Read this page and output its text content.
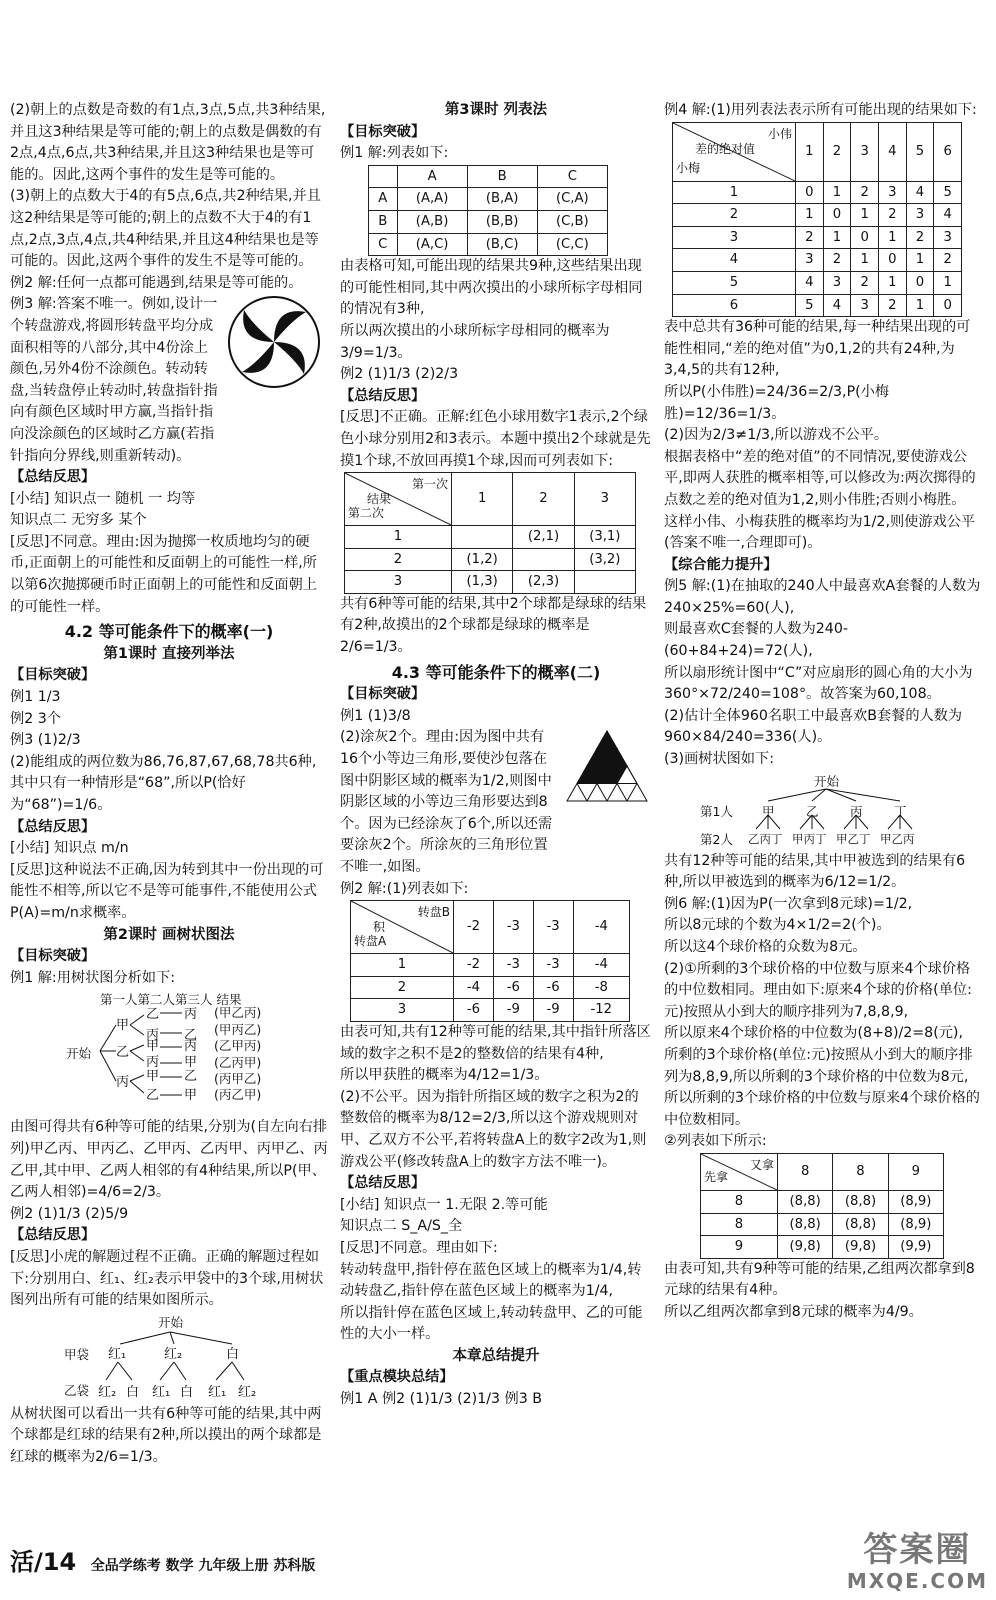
(2)朝上的点数是奇数的有1点,3点,5点,共3种结果,并且这3种结果是等可能的;朝上的点数是偶数的有2点,4点,6点,共3种结果,并且这3种结果也是等可能的。因此,这两个事件的发生是等可能的。

(3)朝上的点数大于4的有5点,6点,共2种结果,并且这2种结果是等可能的;朝上的点数不大于4的有1点,2点,3点,4点,共4种结果,并且这4种结果也是等可能的。因此,这两个事件的发生不是等可能的。

例2 解:任何一点都可能遇到,结果是等可能的。

例3 解:答案不唯一。例如,设计一个转盘游戏,将圆形转盘平均分成面积相等的八部分,其中4份涂上颜色,另外4份不涂颜色。转动转盘,当转盘停止转动时,转盘指针指向有颜色区域时甲方赢,当指针指向没涂颜色的区域时乙方赢(若指针指向分界线,则重新转动)。

【总结反思】

[小结] 知识点一 随机 一 均等

知识点二 无穷多 某个

[反思]不同意。理由:因为抛掷一枚质地均匀的硬币,正面朝上的可能性和反面朝上的可能性一样,所以第6次抛掷硬币时正面朝上的可能性和反面朝上的可能性一样。

4.2 等可能条件下的概率(一)

第1课时 直接列举法

【目标突破】

例1 1/3

例2 3个

例3 (1)2/3

(2)能组成的两位数为86,76,87,67,68,78共6种,其中只有一种情形是“68”,所以P(恰好为“68”)=1/6。

【总结反思】

[小结] 知识点 m/n

[反思]这种说法不正确,因为转到其中一份出现的可能性不相等,所以它不是等可能事件,不能使用公式P(A)=m/n求概率。

第2课时 画树状图法

【目标突破】

例1 解:用树状图分析如下:

第一人第二人第三人 结果
开始
甲
乙
丙
乙
丙
甲
丙
甲
乙
丙
乙
丙
甲
乙
甲
(甲乙丙)
(甲丙乙)
(乙甲丙)
(乙丙甲)
(丙甲乙)
(丙乙甲)

由图可得共有6种等可能的结果,分别为(自左向右排列)甲乙丙、甲丙乙、乙甲丙、乙丙甲、丙甲乙、丙乙甲,其中甲、乙两人相邻的有4种结果,所以P(甲、乙两人相邻)=4/6=2/3。

例2 (1)1/3 (2)5/9

【总结反思】

[反思]小虎的解题过程不正确。正确的解题过程如下:分别用白、红₁、红₂表示甲袋中的3个球,用树状图列出所有可能的结果如图所示。

开始
甲袋
乙袋
红₁	红₂	白
红₂ 白 红₁ 白 红₁ 红₂

从树状图可以看出一共有6种等可能的结果,其中两个球都是红球的结果有2种,所以摸出的两个球都是红球的概率为2/6=1/3。

第3课时 列表法

【目标突破】

例1 解:列表如下:

	A	B	C
A	(A,A)	(B,A)	(C,A)
B	(A,B)	(B,B)	(C,B)
C	(A,C)	(B,C)	(C,C)

由表格可知,可能出现的结果共9种,这些结果出现的可能性相同,其中两次摸出的小球所标字母相同的情况有3种,

所以两次摸出的小球所标字母相同的概率为3/9=1/3。

例2 (1)1/3 (2)2/3

【总结反思】

[反思]不正确。正解:红色小球用数字1表示,2个绿色小球分别用2和3表示。本题中摸出2个球就是先摸1个球,不放回再摸1个球,因而可列表如下:

第一次
结果
第二次	1	2	3
1		(2,1)	(3,1)
2	(1,2)		(3,2)
3	(1,3)	(2,3)	

共有6种等可能的结果,其中2个球都是绿球的结果有2种,故摸出的2个球都是绿球的概率是2/6=1/3。

4.3 等可能条件下的概率(二)

【目标突破】

例1 (1)3/8

(2)涂灰2个。理由:因为图中共有16个小等边三角形,要使沙包落在图中阴影区域的概率为1/2,则图中阴影区域的小等边三角形要达到8个。因为已经涂灰了6个,所以还需要涂灰2个。所涂灰的三角形位置不唯一,如图。

例2 解:(1)列表如下:

转盘B
积
转盘A	-2	-3	-3	-4
1	-2	-3	-3	-4
2	-4	-6	-6	-8
3	-6	-9	-9	-12

由表可知,共有12种等可能的结果,其中指针所落区域的数字之积不是2的整数倍的结果有4种,

所以甲获胜的概率为4/12=1/3。

(2)不公平。因为指针所指区域的数字之积为2的整数倍的概率为8/12=2/3,所以这个游戏规则对甲、乙双方不公平,若将转盘A上的数字2改为1,则游戏公平(修改转盘A上的数字方法不唯一)。

【总结反思】

[小结] 知识点一 1.无限 2.等可能

知识点二 S_A/S_全

[反思]不同意。理由如下:

转动转盘甲,指针停在蓝色区域上的概率为1/4,转动转盘乙,指针停在蓝色区域上的概率为1/4,

所以指针停在蓝色区域上,转动转盘甲、乙的可能性的大小一样。

本章总结提升

【重点模块总结】

例1 A 例2 (1)1/3 (2)1/3 例3 B

例4 解:(1)用列表法表示所有可能出现的结果如下:

小伟
差的绝对值
小梅	1	2	3	4	5	6
1	0	1	2	3	4	5
2	1	0	1	2	3	4
3	2	1	0	1	2	3
4	3	2	1	0	1	2
5	4	3	2	1	0	1
6	5	4	3	2	1	0

表中总共有36种可能的结果,每一种结果出现的可能性相同,“差的绝对值”为0,1,2的共有24种,为3,4,5的共有12种,

所以P(小伟胜)=24/36=2/3,P(小梅胜)=12/36=1/3。

(2)因为2/3≠1/3,所以游戏不公平。

根据表格中“差的绝对值”的不同情况,要使游戏公平,即两人获胜的概率相等,可以修改为:两次掷得的点数之差的绝对值为1,2,则小伟胜;否则小梅胜。

这样小伟、小梅获胜的概率均为1/2,则使游戏公平(答案不唯一,合理即可)。

【综合能力提升】

例5 解:(1)在抽取的240人中最喜欢A套餐的人数为240×25%=60(人),

则最喜欢C套餐的人数为240-(60+84+24)=72(人),

所以扇形统计图中“C”对应扇形的圆心角的大小为360°×72/240=108°。故答案为60,108。

(2)估计全体960名职工中最喜欢B套餐的人数为960×84/240=336(人)。

(3)画树状图如下:

开始
第1人
第2人
甲	乙	丙	丁
乙丙丁 甲丙丁 甲乙丁 甲乙丙

共有12种等可能的结果,其中甲被选到的结果有6种,所以甲被选到的概率为6/12=1/2。

例6 解:(1)因为P(一次拿到8元球)=1/2,

所以8元球的个数为4×1/2=2(个)。

所以这4个球价格的众数为8元。

(2)①所剩的3个球价格的中位数与原来4个球价格的中位数相同。理由如下:原来4个球的价格(单位:元)按照从小到大的顺序排列为7,8,8,9,

所以原来4个球价格的中位数为(8+8)/2=8(元),

所剩的3个球价格(单位:元)按照从小到大的顺序排列为8,8,9,所以所剩的3个球价格的中位数为8元,所以所剩的3个球价格的中位数与原来4个球价格的中位数相同。

②列表如下所示:

又拿
先拿	8	8	9
8	(8,8)	(8,8)	(8,9)
8	(8,8)	(8,8)	(8,9)
9	(9,8)	(9,8)	(9,9)

由表可知,共有9种等可能的结果,乙组两次都拿到8元球的结果有4种。

所以乙组两次都拿到8元球的概率为4/9。

活/14 全品学练考 数学 九年级上册 苏科版	答案圈
MXQE.COM
